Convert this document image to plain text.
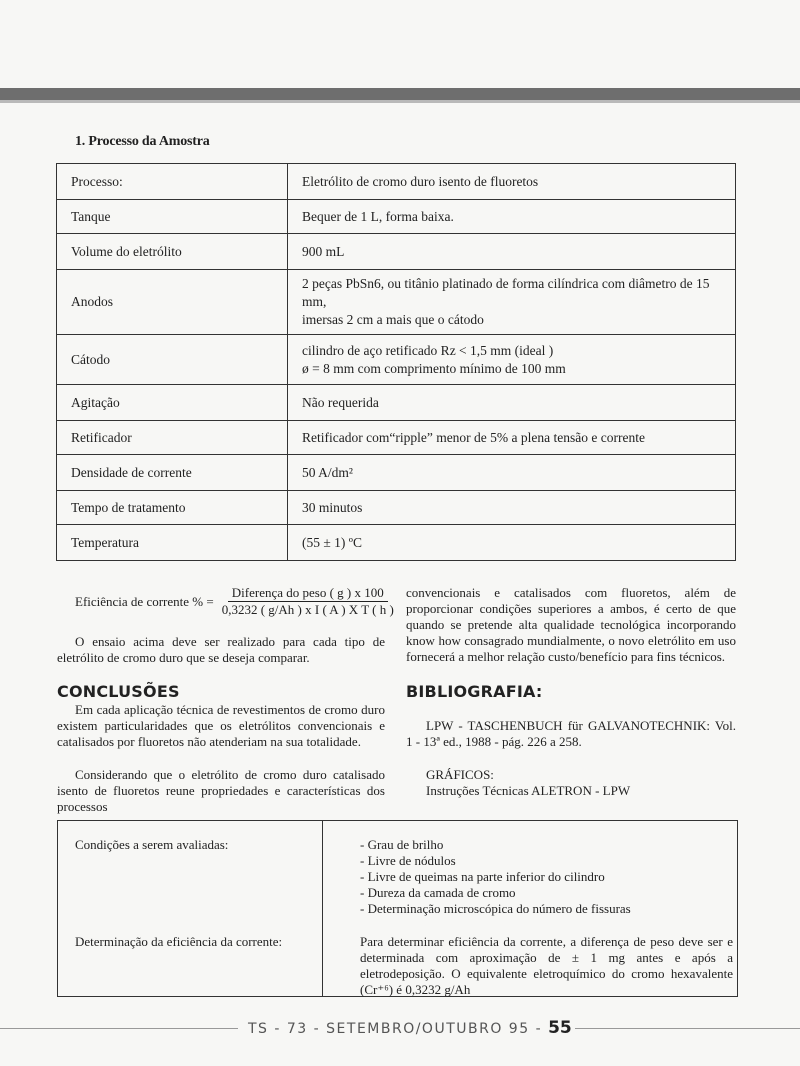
1. Processo da Amostra
Processo:	Eletrólito de cromo duro isento de fluoretos

Tanque	Bequer de 1 L, forma baixa.

Volume do eletrólito	900 mL

Anodos	2 peças PbSn6, ou titânio platinado de forma cilíndrica com diâmetro de 15 mm,
imersas 2 cm a mais que o cátodo

Cátodo	cilindro de aço retificado Rz < 1,5 mm (ideal )
ø = 8 mm com comprimento mínimo de 100 mm

Agitação	Não requerida

Retificador	Retificador com“ripple” menor de 5% a plena tensão e corrente

Densidade de corrente	50 A/dm²

Tempo de tratamento	30 minutos

Temperatura	(55 ± 1) ºC
Eficiência de corrente % = $\frac{\text{Diferença do peso ( g ) x 100}}{\text{0,3232 ( g/Ah ) x I ( A ) X T ( h )}}$
O ensaio acima deve ser realizado para cada tipo de eletrólito de cromo duro que se deseja comparar.
CONCLUSÕES
Em cada aplicação técnica de revestimentos de cromo duro existem particularidades que os eletrólitos convencionais e catalisados por fluoretos não atenderiam na sua totalidade.
Considerando que o eletrólito de cromo duro catalisado isento de fluoretos reune propriedades e características dos processos
convencionais e catalisados com fluoretos, além de proporcionar condições superiores a ambos, é certo de que quando se pretende alta qualidade tecnológica incorporando know how consagrado mundialmente, o novo eletrólito em uso fornecerá a melhor relação custo/benefício para fins técnicos.
BIBLIOGRAFIA:
LPW - TASCHENBUCH für GALVANOTECHNIK: Vol. 1 - 13ª ed., 1988 - pág. 226 a 258.
GRÁFICOS:
Instruções Técnicas ALETRON - LPW
Condições a serem avaliadas:	- Grau de brilho
- Livre de nódulos
- Livre de queimas na parte inferior do cilindro
- Dureza da camada de cromo
- Determinação microscópica do número de fissuras
Determinação da eficiência da corrente:	Para determinar eficiência da corrente, a diferença de peso deve ser e determinada com aproximação de ± 1 mg antes e após a eletrodeposição. O equivalente eletroquímico do cromo hexavalente (Cr⁺⁶) é 0,3232 g/Ah
TS - 73 - SETEMBRO/OUTUBRO 95 - 55
